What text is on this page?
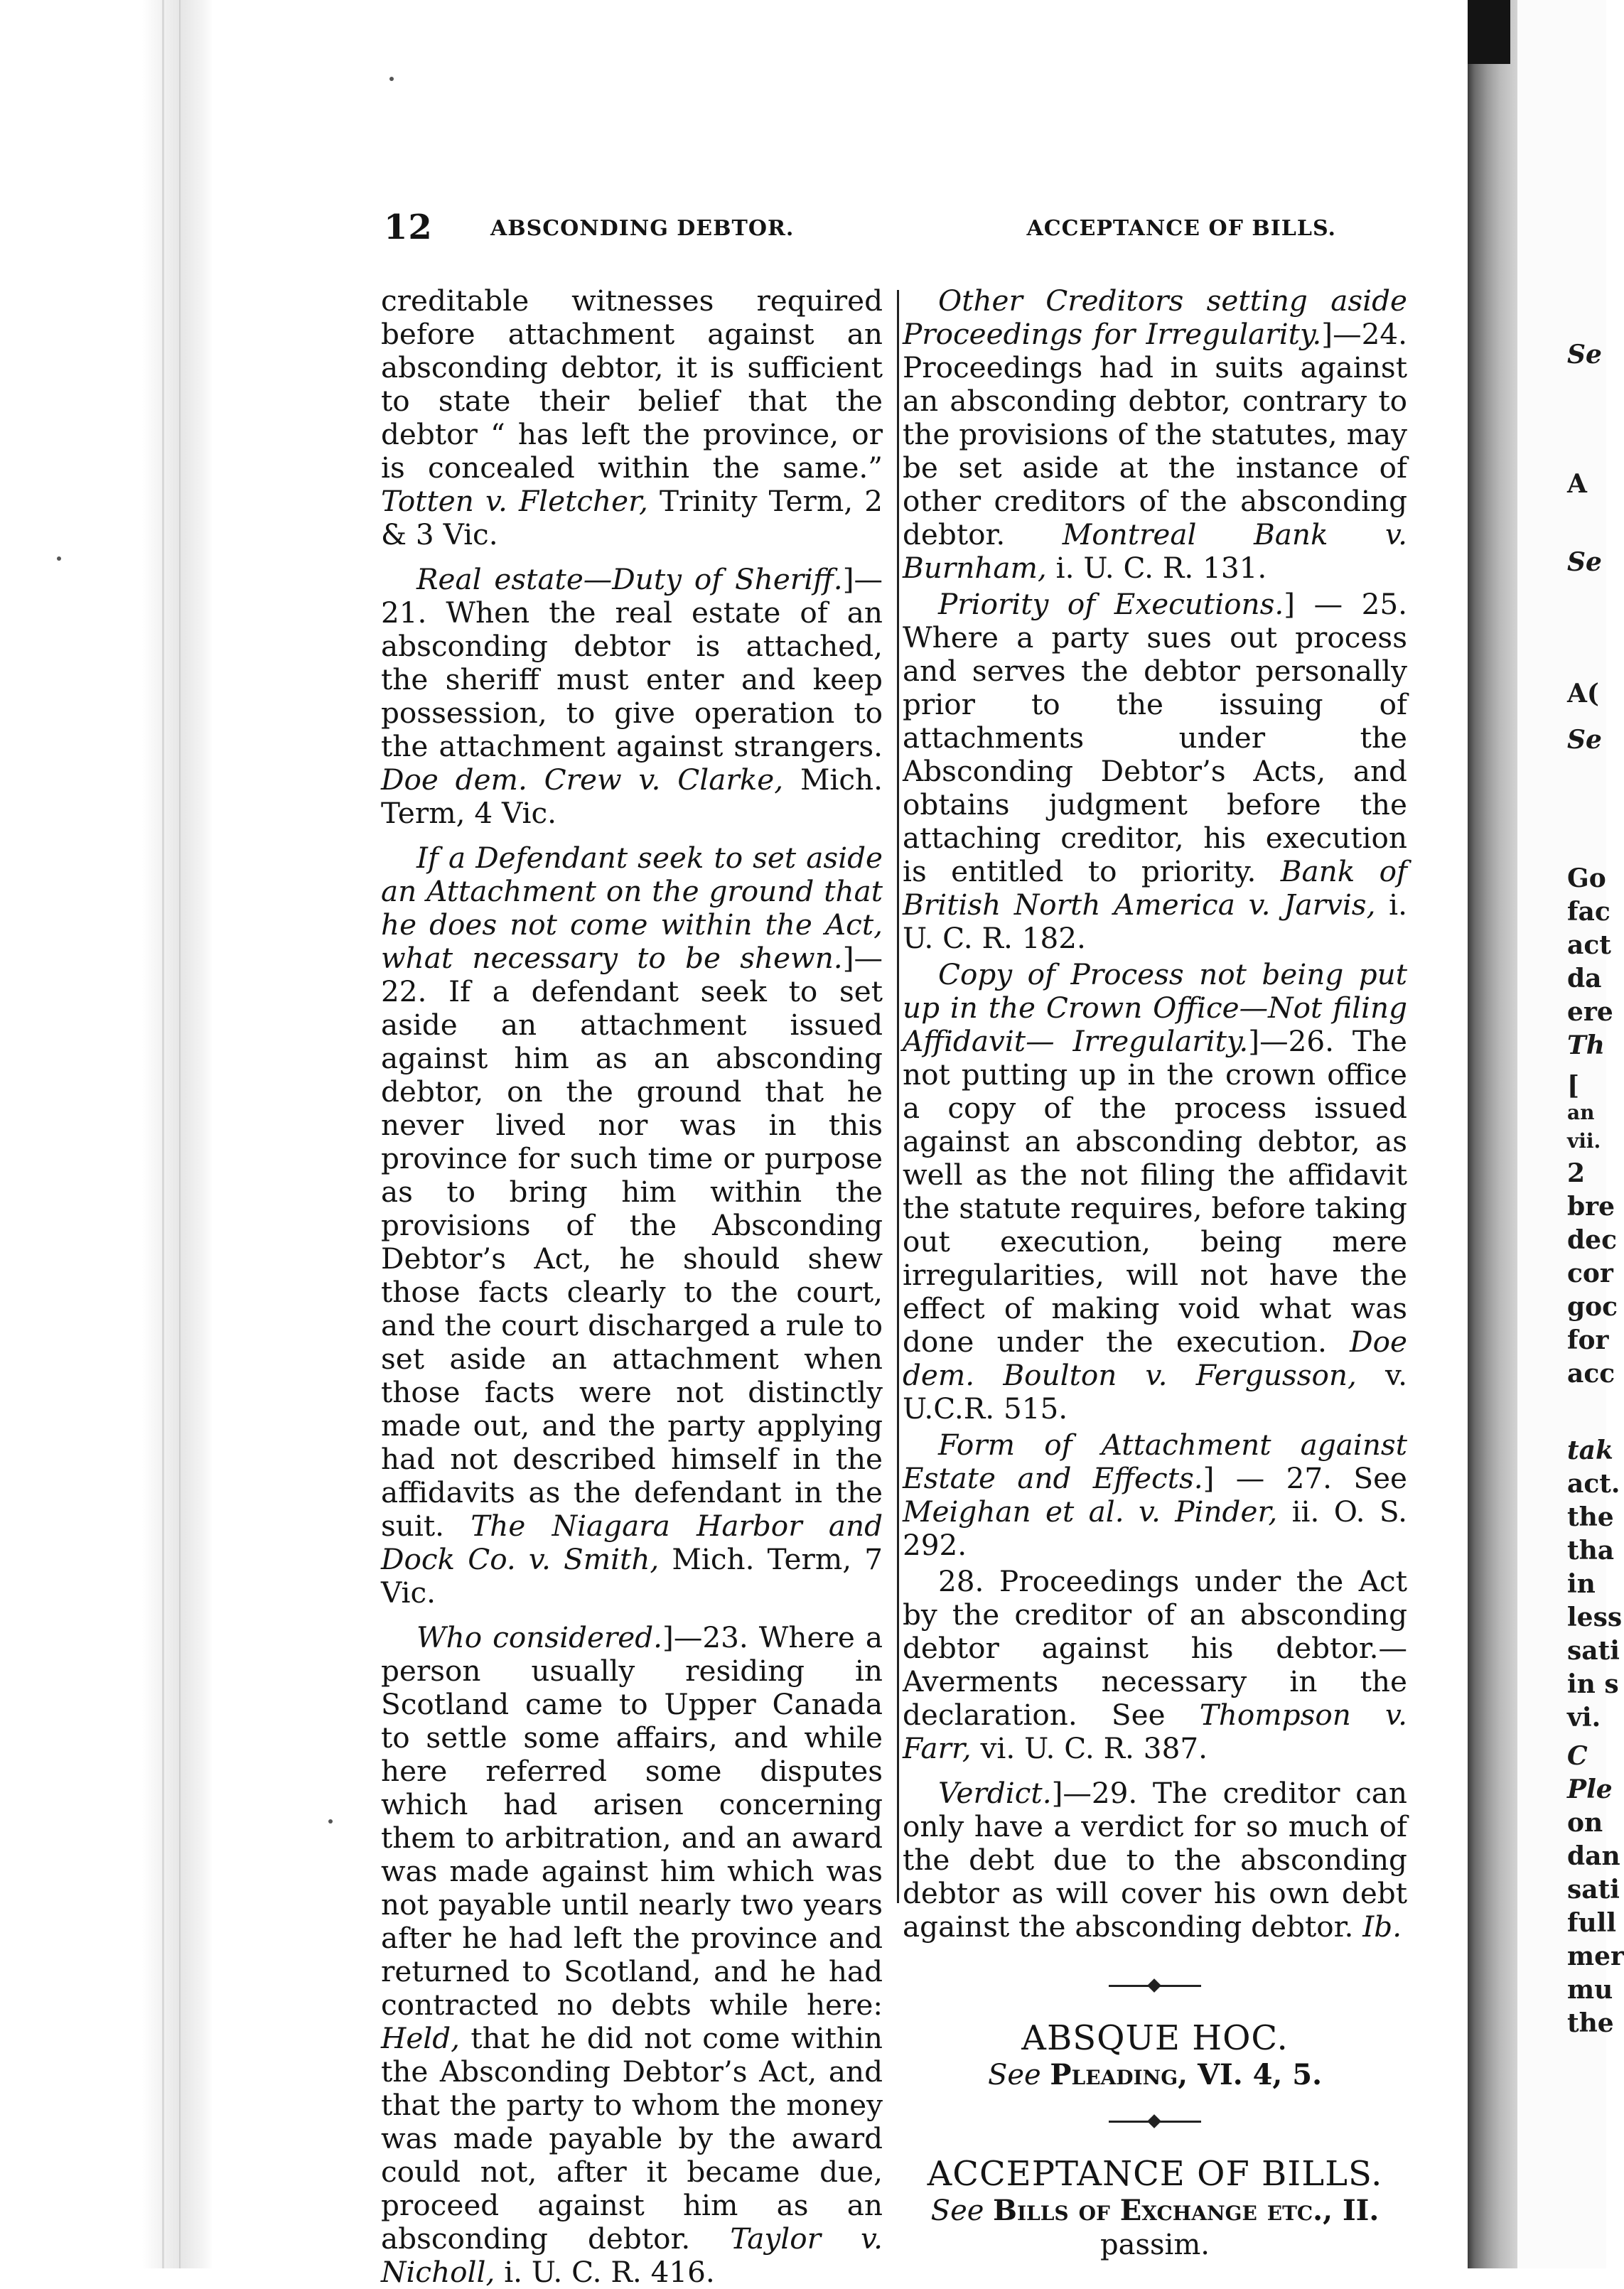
Se
A
Se
A(
Se
Go
fac
act
da
ere
Th
[
an
vii.
2
bre
dec
cor
goc
for
acc
tak
act.
the
tha
in
less
sati
in s
vi.
C
Ple
on
dan
sati
full
mer
mu
the
12	ABSCONDING DEBTOR.	ACCEPTANCE OF BILLS.

creditable witnesses required before attachment against an absconding debtor, it is sufficient to state their belief that the debtor “ has left the province, or is concealed within the same.” Totten v. Fletcher, Trinity Term, 2 & 3 Vic.

Real estate—Duty of Sheriff.]—21. When the real estate of an absconding debtor is attached, the sheriff must enter and keep possession, to give operation to the attachment against strangers. Doe dem. Crew v. Clarke, Mich. Term, 4 Vic.

If a Defendant seek to set aside an Attachment on the ground that he does not come within the Act, what necessary to be shewn.]—22. If a defendant seek to set aside an attachment issued against him as an absconding debtor, on the ground that he never lived nor was in this province for such time or purpose as to bring him within the provisions of the Absconding Debtor’s Act, he should shew those facts clearly to the court, and the court discharged a rule to set aside an attachment when those facts were not distinctly made out, and the party applying had not described himself in the affidavits as the defendant in the suit. The Niagara Harbor and Dock Co. v. Smith, Mich. Term, 7 Vic.

Who considered.]—23. Where a person usually residing in Scotland came to Upper Canada to settle some affairs, and while here referred some disputes which had arisen concerning them to arbitration, and an award was made against him which was not payable until nearly two years after he had left the province and returned to Scotland, and he had contracted no debts while here: Held, that he did not come within the Absconding Debtor’s Act, and that the party to whom the money was made payable by the award could not, after it became due, proceed against him as an absconding debtor. Taylor v. Nicholl, i. U. C. R. 416.

Other Creditors setting aside Proceedings for Irregularity.]—24. Proceedings had in suits against an absconding debtor, contrary to the provisions of the statutes, may be set aside at the instance of other creditors of the absconding debtor. Montreal Bank v. Burnham, i. U. C. R. 131.

Priority of Executions.] — 25. Where a party sues out process and serves the debtor personally prior to the issuing of attachments under the Absconding Debtor’s Acts, and obtains judgment before the attaching creditor, his execution is entitled to priority. Bank of British North America v. Jarvis, i. U. C. R. 182.

Copy of Process not being put up in the Crown Office—Not filing Affidavit— Irregularity.]—26. The not putting up in the crown office a copy of the process issued against an absconding debtor, as well as the not filing the affidavit the statute requires, before taking out execution, being mere irregularities, will not have the effect of making void what was done under the execution. Doe dem. Boulton v. Fergusson, v. U.C.R. 515.

Form of Attachment against Estate and Effects.] — 27. See Meighan et al. v. Pinder, ii. O. S. 292.

28. Proceedings under the Act by the creditor of an absconding debtor against his debtor.—Averments necessary in the declaration. See Thompson v. Farr, vi. U. C. R. 387.

Verdict.]—29. The creditor can only have a verdict for so much of the debt due to the absconding debtor as will cover his own debt against the absconding debtor. Ib.

ABSQUE HOC.
See Pleading, VI. 4, 5.
ACCEPTANCE OF BILLS.
See Bills of Exchange etc., II.
passim.
